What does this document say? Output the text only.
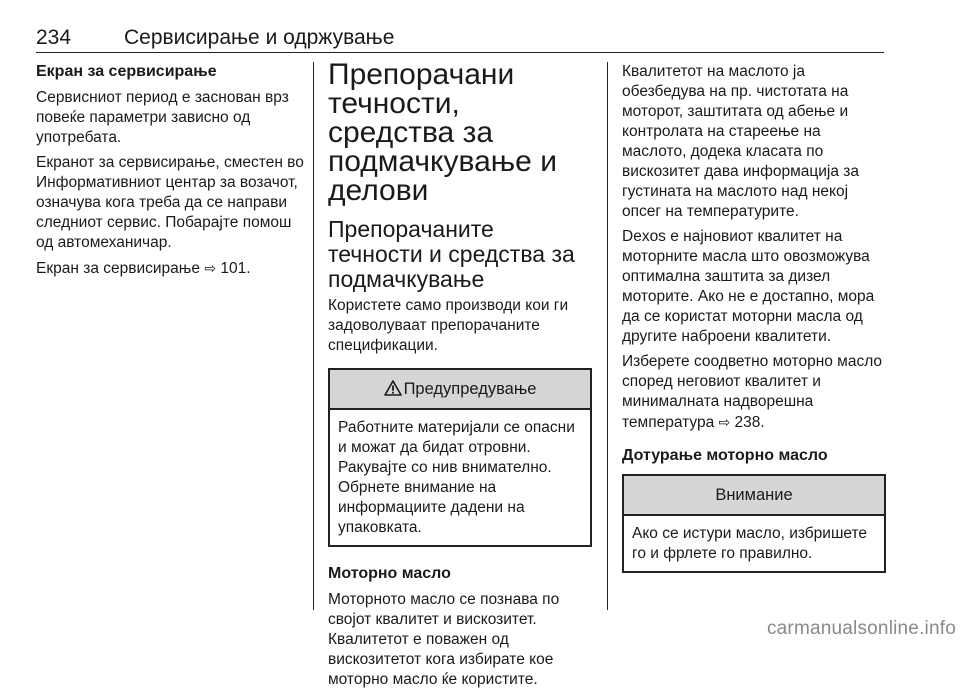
234	Сервисирање и одржување
Екран за сервисирање

Сервисниот период е заснован врз повеќе параметри зависно од употребата.

Екранот за сервисирање, сместен во Информативниот центар за возачот, означува кога треба да се направи следниот сервис. Побарајте помош од автомеханичар.

Екран за сервисирање ⇨ 101.

Препорачани течности, средства за подмачкување и делови
Препорачаните течности и средства за подмачкување

Користете само производи кои ги задоволуваат препорачаните спецификации.

Предупредување

Работните материјали се опасни и можат да бидат отровни. Ракувајте со нив внимателно. Обрнете внимание на информациите дадени на упаковката.

Моторно масло

Моторното масло се познава по својот квалитет и вискозитет. Квалитетот е поважен од вискозитетот кога избирате кое моторно масло ќе користите.

Квалитетот на маслото ја обезбедува на пр. чистотата на моторот, заштитата од абење и контролата на стареење на маслото, додека класата по вискозитет дава информација за густината на маслото над некој опсег на температурите.

Dexos е најновиот квалитет на моторните масла што овозможува оптимална заштита за дизел моторите. Ако не е достапно, мора да се користат моторни масла од другите наброени квалитети.

Изберете соодветно моторно масло според неговиот квалитет и минималната надворешна температура ⇨ 238.

Дотурање моторно масло
Внимание

Ако се истури масло, избришете го и фрлете го правилно.

carmanualsonline.info
